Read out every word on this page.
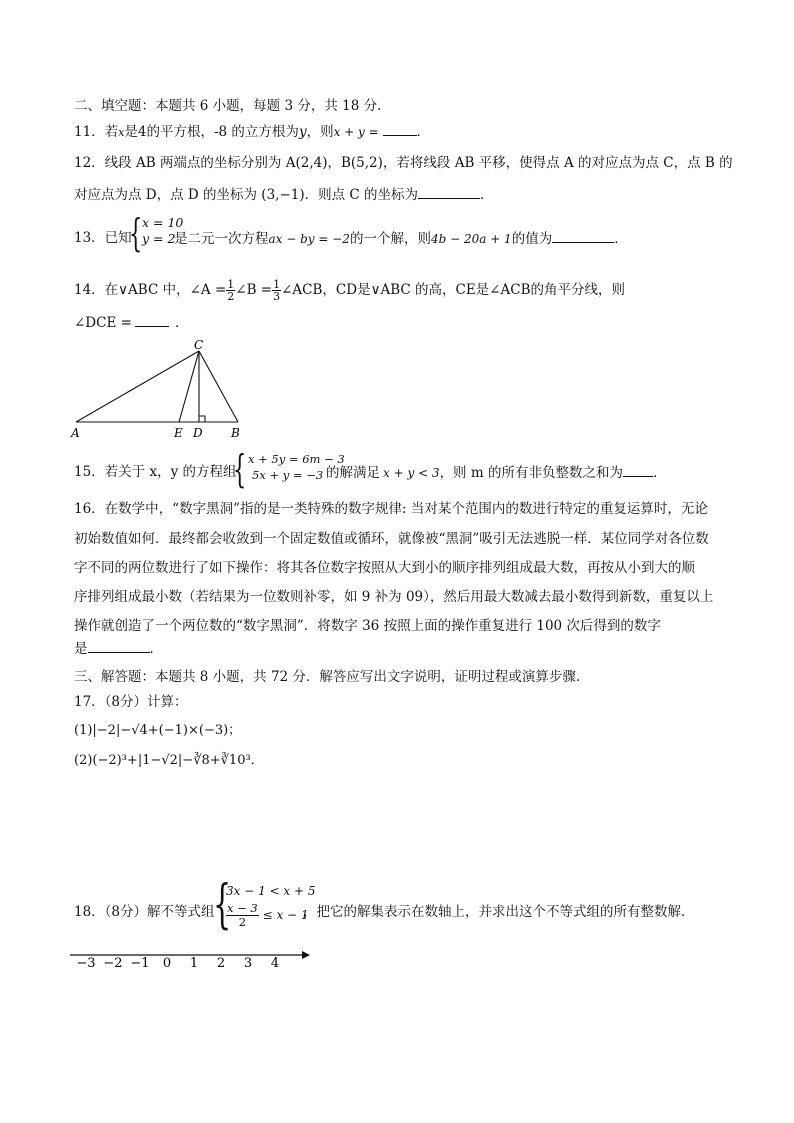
二、填空题：本题共 6 小题，每题 3 分，共 18 分．
11．若x是4的平方根，-8 的立方根为y，则x + y =	．
12．线段 AB 两端点的坐标分别为 A(2,4)，B(5,2)，若将线段 AB 平移，使得点 A 的对应点为点 C，点 B 的
对应点为点 D，点 D 的坐标为 (3,−1)．则点 C 的坐标为	．
13．已知
{ x = 10
y = 2
是二元一次方程ax − by = −2的一个解，则4b − 20a + 1的值为	．
14．在∨ABC 中，∠A = $\frac{1}{2}$ ∠B = $\frac{1}{3}$ ∠ACB，CD是∨ABC 的高，CE是∠ACB的角平分线，则
∠DCE =	．
A	E D B
C
15．若关于 x，y 的方程组
{ x + 5y = 6m − 3
5x + y = −3 的解满足 x + y < 3，则 m 的所有非负整数之和为 ．
16．在数学中，“数字黑洞”指的是一类特殊的数字规律: 当对某个范围内的数进行特定的重复运算时，无论
初始数值如何．最终都会收敛到一个固定数值或循环，就像被“黑洞”吸引无法逃脱一样．某位同学对各位数
字不同的两位数进行了如下操作：将其各位数字按照从大到小的顺序排列组成最大数，再按从小到大的顺
序排列组成最小数（若结果为一位数则补零，如 9 补为 09），然后用最大数减去最小数得到新数，重复以上
操作就创造了一个两位数的“数字黑洞”．将数字 36 按照上面的操作重复进行 100 次后得到的数字
是	．
三、解答题：本题共 8 小题，共 72 分．解答应写出文字说明，证明过程或演算步骤.
17．（8分）计算：
(1)|−2|−√4+(−1)×(−3)；
(2)(−2)³+|1−√2|−∛8+∛10³．
18．（8分）解不等式组
{
3x − 1 < x + 5
$\frac{x - 3}{2} \le x - 1$
，把它的解集表示在数轴上，并求出这个不等式组的所有整数解．
−3 −2 −1 0 1 2 3 4
